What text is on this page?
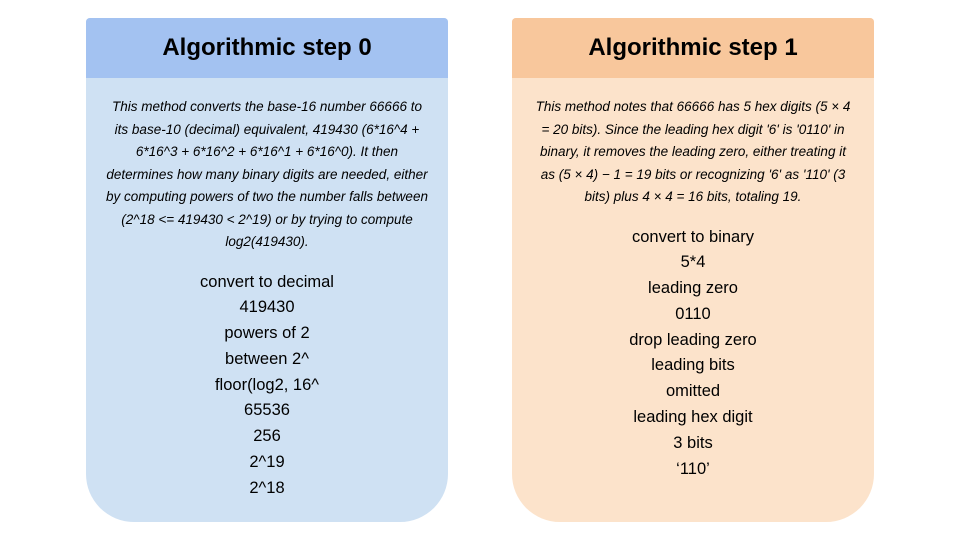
Algorithmic step 0
This method converts the base-16 number 66666 to its base-10 (decimal) equivalent, 419430 (6*16^4 + 6*16^3 + 6*16^2 + 6*16^1 + 6*16^0). It then determines how many binary digits are needed, either by computing powers of two the number falls between (2^18 <= 419430 < 2^19) or by trying to compute log2(419430).
convert to decimal
419430
powers of 2
between 2^
floor(log2, 16^
65536
256
2^19
2^18
Algorithmic step 1
This method notes that 66666 has 5 hex digits (5 × 4 = 20 bits). Since the leading hex digit '6' is '0110' in binary, it removes the leading zero, either treating it as (5 × 4) − 1 = 19 bits or recognizing '6' as '110' (3 bits) plus 4 × 4 = 16 bits, totaling 19.
convert to binary
5*4
leading zero
0110
drop leading zero
leading bits
omitted
leading hex digit
3 bits
‘110’
